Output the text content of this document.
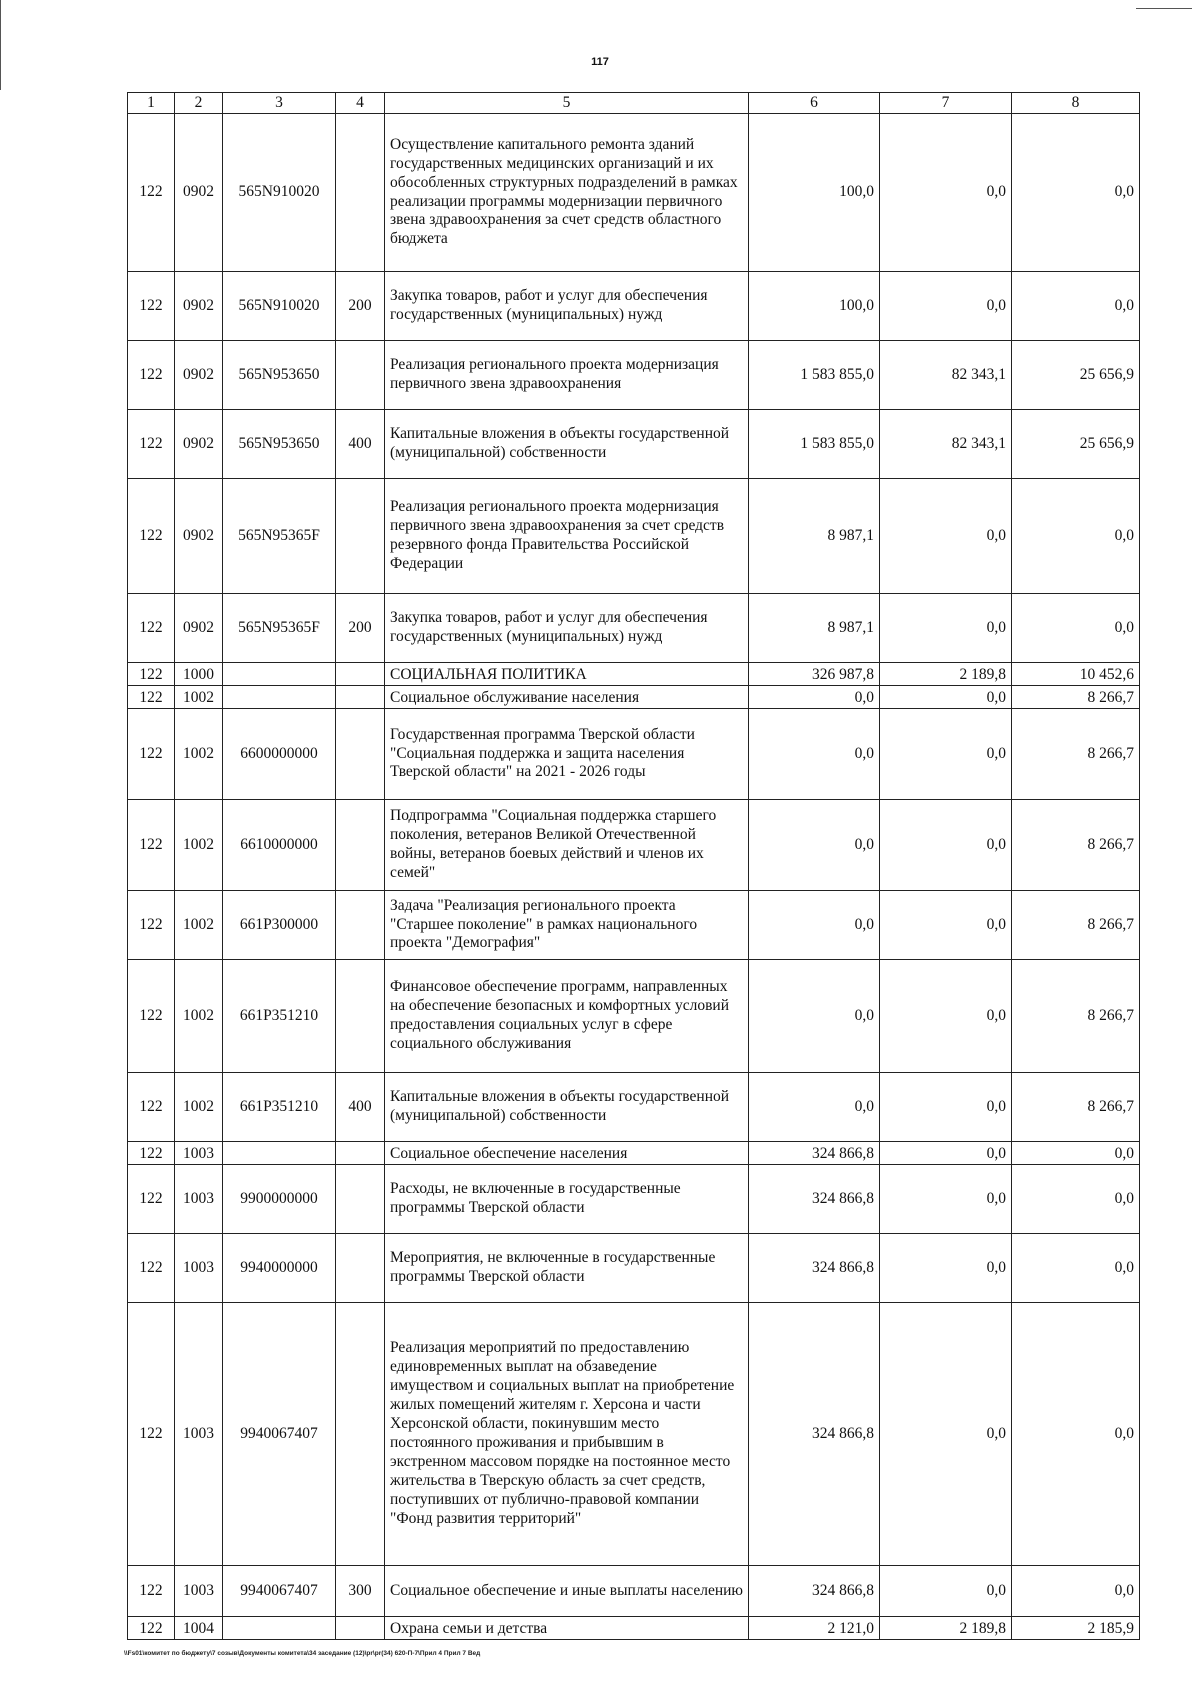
117
1	2	3	4	5	6	7	8
122	0902	565N910020		Осуществление капитального ремонта зданий государственных медицинских организаций и их обособленных структурных подразделений в рамках реализации программы модернизации первичного звена здравоохранения за счет средств областного бюджета	100,0	0,0	0,0
122	0902	565N910020	200	Закупка товаров, работ и услуг для обеспечения государственных (муниципальных) нужд	100,0	0,0	0,0
122	0902	565N953650		Реализация регионального проекта модернизация первичного звена здравоохранения	1 583 855,0	82 343,1	25 656,9
122	0902	565N953650	400	Капитальные вложения в объекты государственной (муниципальной) собственности	1 583 855,0	82 343,1	25 656,9
122	0902	565N95365F		Реализация регионального проекта модернизация первичного звена здравоохранения за счет средств резервного фонда Правительства Российской Федерации	8 987,1	0,0	0,0
122	0902	565N95365F	200	Закупка товаров, работ и услуг для обеспечения государственных (муниципальных) нужд	8 987,1	0,0	0,0
122	1000			СОЦИАЛЬНАЯ ПОЛИТИКА	326 987,8	2 189,8	10 452,6
122	1002			Социальное обслуживание населения	0,0	0,0	8 266,7
122	1002	6600000000		Государственная программа Тверской области "Социальная поддержка и защита населения Тверской области" на 2021 - 2026 годы	0,0	0,0	8 266,7
122	1002	6610000000		Подпрограмма "Социальная поддержка старшего поколения, ветеранов Великой Отечественной войны, ветеранов боевых действий и членов их семей"	0,0	0,0	8 266,7
122	1002	661P300000		Задача "Реализация регионального проекта "Старшее поколение" в рамках национального проекта "Демография"	0,0	0,0	8 266,7
122	1002	661P351210		Финансовое обеспечение программ, направленных на обеспечение безопасных и комфортных условий предоставления социальных услуг в сфере социального обслуживания	0,0	0,0	8 266,7
122	1002	661P351210	400	Капитальные вложения в объекты государственной (муниципальной) собственности	0,0	0,0	8 266,7
122	1003			Социальное обеспечение населения	324 866,8	0,0	0,0
122	1003	9900000000		Расходы, не включенные в государственные программы Тверской области	324 866,8	0,0	0,0
122	1003	9940000000		Мероприятия, не включенные в государственные программы Тверской области	324 866,8	0,0	0,0
122	1003	9940067407		Реализация мероприятий по предоставлению единовременных выплат на обзаведение имуществом и социальных выплат на приобретение жилых помещений жителям г. Херсона и части Херсонской области, покинувшим место постоянного проживания и прибывшим в экстренном массовом порядке на постоянное место жительства в Тверскую область за счет средств, поступивших от публично-правовой компании "Фонд развития территорий"	324 866,8	0,0	0,0
122	1003	9940067407	300	Социальное обеспечение и иные выплаты населению	324 866,8	0,0	0,0
122	1004			Охрана семьи и детства	2 121,0	2 189,8	2 185,9
\\Fs01\комитет по бюджету\7 созыв\Документы комитета\34 заседание (12)\pr\pr(34) 620-П-7\Прил 4 Прил 7 Вед
